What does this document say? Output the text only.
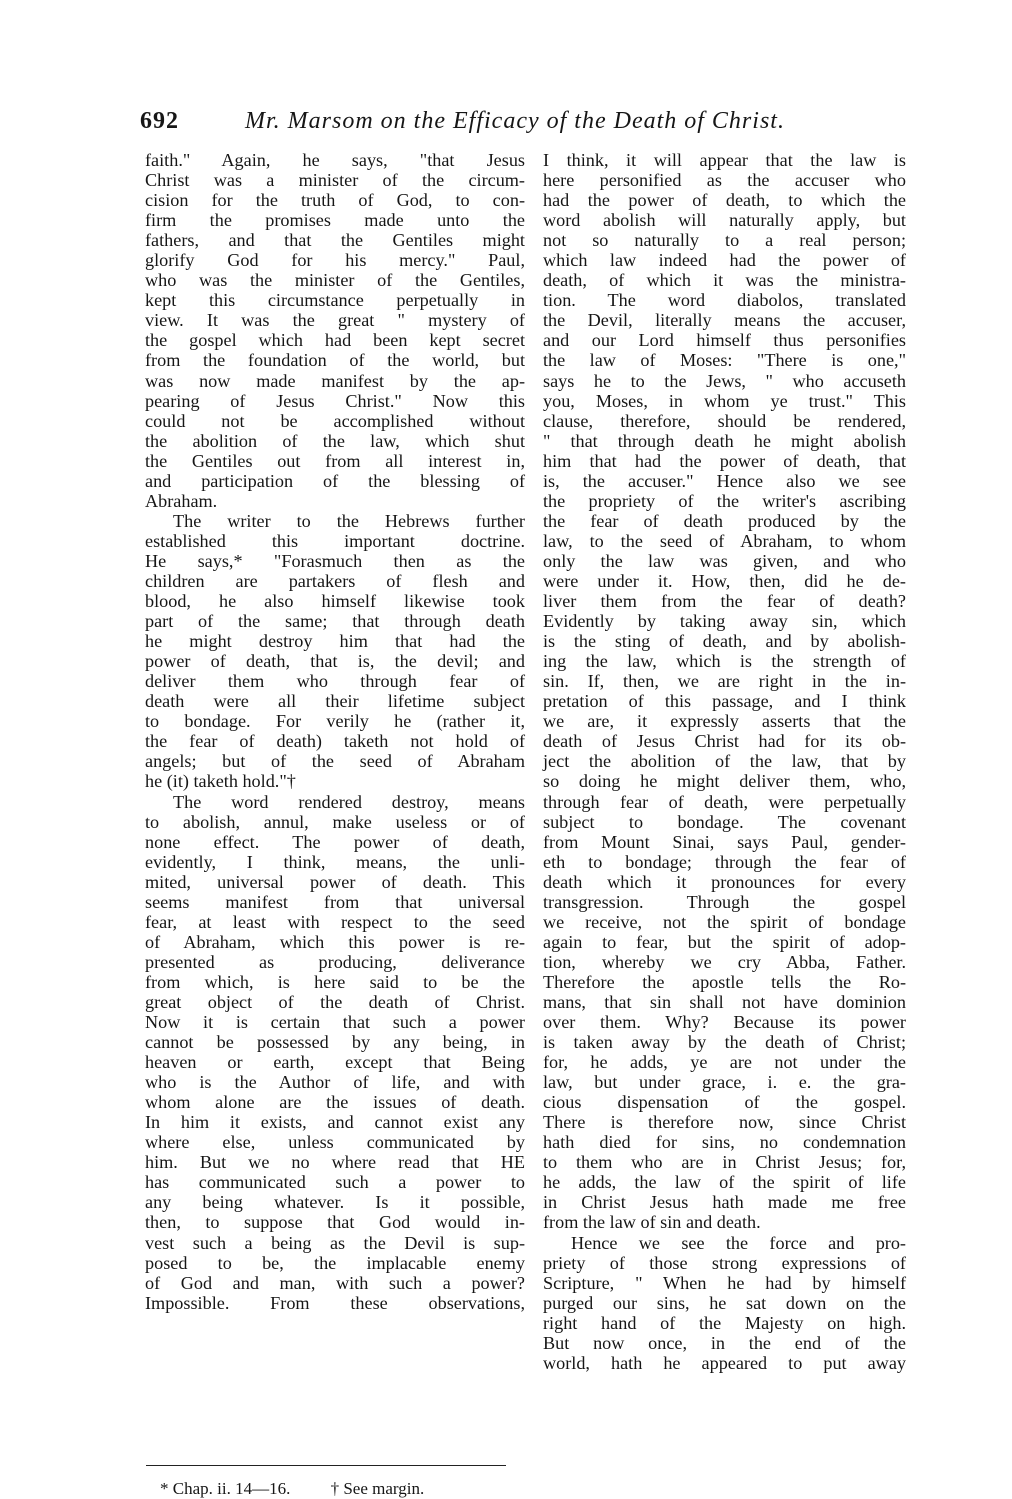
692	Mr. Marsom on the Efficacy of the Death of Christ.
faith." Again, he says, "that Jesus
Christ was a minister of the circum-
cision for the truth of God, to con-
firm the promises made unto the
fathers, and that the Gentiles might
glorify God for his mercy." Paul,
who was the minister of the Gentiles,
kept this circumstance perpetually in
view. It was the great " mystery of
the gospel which had been kept secret
from the foundation of the world, but
was now made manifest by the ap-
pearing of Jesus Christ." Now this
could not be accomplished without
the abolition of the law, which shut
the Gentiles out from all interest in,
and participation of the blessing of
Abraham.
The writer to the Hebrews further
established this important doctrine.
He says,* "Forasmuch then as the
children are partakers of flesh and
blood, he also himself likewise took
part of the same; that through death
he might destroy him that had the
power of death, that is, the devil; and
deliver them who through fear of
death were all their lifetime subject
to bondage. For verily he (rather it,
the fear of death) taketh not hold of
angels; but of the seed of Abraham
he (it) taketh hold."†
The word rendered destroy, means
to abolish, annul, make useless or of
none effect. The power of death,
evidently, I think, means, the unli-
mited, universal power of death. This
seems manifest from that universal
fear, at least with respect to the seed
of Abraham, which this power is re-
presented as producing, deliverance
from which, is here said to be the
great object of the death of Christ.
Now it is certain that such a power
cannot be possessed by any being, in
heaven or earth, except that Being
who is the Author of life, and with
whom alone are the issues of death.
In him it exists, and cannot exist any
where else, unless communicated by
him. But we no where read that HE
has communicated such a power to
any being whatever. Is it possible,
then, to suppose that God would in-
vest such a being as the Devil is sup-
posed to be, the implacable enemy
of God and man, with such a power?
Impossible. From these observations,
I think, it will appear that the law is
here personified as the accuser who
had the power of death, to which the
word abolish will naturally apply, but
not so naturally to a real person;
which law indeed had the power of
death, of which it was the ministra-
tion. The word diabolos, translated
the Devil, literally means the accuser,
and our Lord himself thus personifies
the law of Moses: "There is one,"
says he to the Jews, " who accuseth
you, Moses, in whom ye trust." This
clause, therefore, should be rendered,
" that through death he might abolish
him that had the power of death, that
is, the accuser." Hence also we see
the propriety of the writer's ascribing
the fear of death produced by the
law, to the seed of Abraham, to whom
only the law was given, and who
were under it. How, then, did he de-
liver them from the fear of death?
Evidently by taking away sin, which
is the sting of death, and by abolish-
ing the law, which is the strength of
sin. If, then, we are right in the in-
pretation of this passage, and I think
we are, it expressly asserts that the
death of Jesus Christ had for its ob-
ject the abolition of the law, that by
so doing he might deliver them, who,
through fear of death, were perpetually
subject to bondage. The covenant
from Mount Sinai, says Paul, gender-
eth to bondage; through the fear of
death which it pronounces for every
transgression. Through the gospel
we receive, not the spirit of bondage
again to fear, but the spirit of adop-
tion, whereby we cry Abba, Father.
Therefore the apostle tells the Ro-
mans, that sin shall not have dominion
over them. Why? Because its power
is taken away by the death of Christ;
for, he adds, ye are not under the
law, but under grace, i. e. the gra-
cious dispensation of the gospel.
There is therefore now, since Christ
hath died for sins, no condemnation
to them who are in Christ Jesus; for,
he adds, the law of the spirit of life
in Christ Jesus hath made me free
from the law of sin and death.
Hence we see the force and pro-
priety of those strong expressions of
Scripture, " When he had by himself
purged our sins, he sat down on the
right hand of the Majesty on high.
But now once, in the end of the
world, hath he appeared to put away
* Chap. ii. 14—16. † See margin.
